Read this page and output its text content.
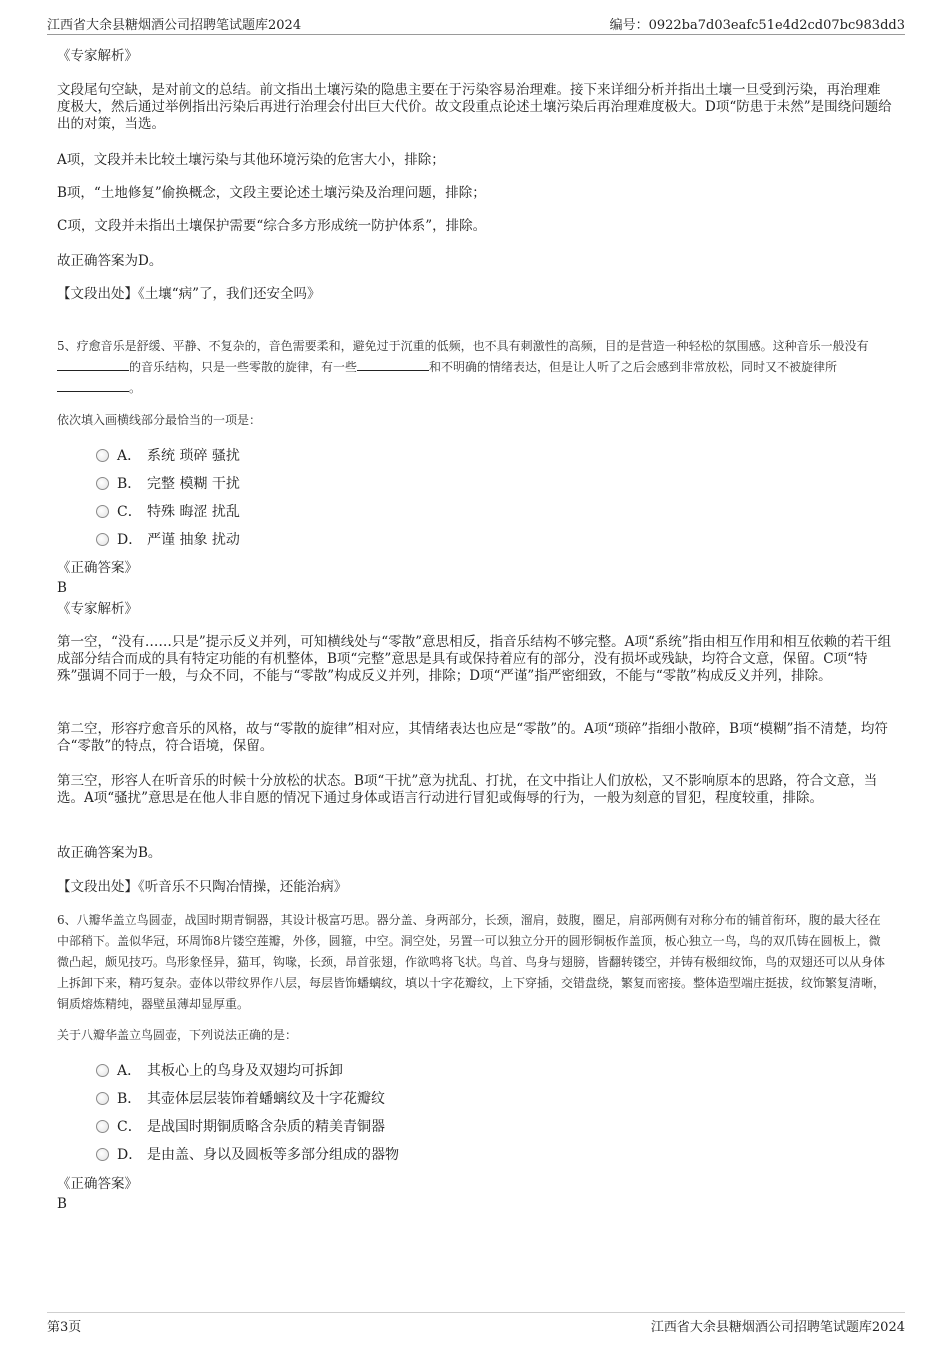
江西省大余县糖烟酒公司招聘笔试题库2024	编号：0922ba7d03eafc51e4d2cd07bc983dd3
《专家解析》
文段尾句空缺，是对前文的总结。前文指出土壤污染的隐患主要在于污染容易治理难。接下来详细分析并指出土壤一旦受到污染，再治理难度极大，然后通过举例指出污染后再进行治理会付出巨大代价。故文段重点论述土壤污染后再治理难度极大。D项“防患于未然”是围绕问题给出的对策，当选。
A项，文段并未比较土壤污染与其他环境污染的危害大小，排除；
B项，“土地修复”偷换概念，文段主要论述土壤污染及治理问题，排除；
C项，文段并未指出土壤保护需要“综合多方形成统一防护体系”，排除。
故正确答案为D。
【文段出处】《土壤“病”了，我们还安全吗》
5、疗愈音乐是舒缓、平静、不复杂的，音色需要柔和，避免过于沉重的低频，也不具有刺激性的高频，目的是营造一种轻松的氛围感。这种音乐一般没有的音乐结构，只是一些零散的旋律，有一些	和不明确的情绪表达，但是让人听了之后会感到非常放松，同时又不被旋律所。
依次填入画横线部分最恰当的一项是：
A． 系统 琐碎 骚扰
B． 完整 模糊 干扰
C． 特殊 晦涩 扰乱
D． 严谨 抽象 扰动
《正确答案》
B
《专家解析》
第一空，“没有……只是”提示反义并列，可知横线处与“零散”意思相反，指音乐结构不够完整。A项“系统”指由相互作用和相互依赖的若干组成部分结合而成的具有特定功能的有机整体，B项“完整”意思是具有或保持着应有的部分，没有损坏或残缺，均符合文意，保留。C项“特殊”强调不同于一般，与众不同，不能与“零散”构成反义并列，排除；D项“严谨”指严密细致，不能与“零散”构成反义并列，排除。
第二空，形容疗愈音乐的风格，故与“零散的旋律”相对应，其情绪表达也应是“零散”的。A项“琐碎”指细小散碎，B项“模糊”指不清楚，均符合“零散”的特点，符合语境，保留。
第三空，形容人在听音乐的时候十分放松的状态。B项“干扰”意为扰乱、打扰，在文中指让人们放松，又不影响原本的思路，符合文意，当选。A项“骚扰”意思是在他人非自愿的情况下通过身体或语言行动进行冒犯或侮辱的行为，一般为刻意的冒犯，程度较重，排除。
故正确答案为B。
【文段出处】《听音乐不只陶冶情操，还能治病》
6、八瓣华盖立鸟圆壶，战国时期青铜器，其设计极富巧思。器分盖、身两部分，长颈，溜肩，鼓腹，圈足，肩部两侧有对称分布的铺首衔环，腹的最大径在中部稍下。盖似华冠，环周饰8片镂空莲瓣，外侈，圆箍，中空。洞空处，另置一可以独立分开的圆形铜板作盖顶，板心独立一鸟，鸟的双爪铸在圆板上，微微凸起，颇见技巧。鸟形象怪异，猫耳，钩喙，长颈，昂首张翅，作欲鸣将飞状。鸟首、鸟身与翅膀，皆翻转镂空，并铸有极细纹饰，鸟的双翅还可以从身体上拆卸下来，精巧复杂。壶体以带纹界作八层，每层皆饰蟠螭纹，填以十字花瓣纹，上下穿插，交错盘绕，繁复而密接。整体造型端庄挺拔，纹饰繁复清晰，铜质熔炼精纯，器壁虽薄却显厚重。
关于八瓣华盖立鸟圆壶，下列说法正确的是：
A． 其板心上的鸟身及双翅均可拆卸
B． 其壶体层层装饰着蟠螭纹及十字花瓣纹
C． 是战国时期铜质略含杂质的精美青铜器
D． 是由盖、身以及圆板等多部分组成的器物
《正确答案》
B
第3页	江西省大余县糖烟酒公司招聘笔试题库2024
